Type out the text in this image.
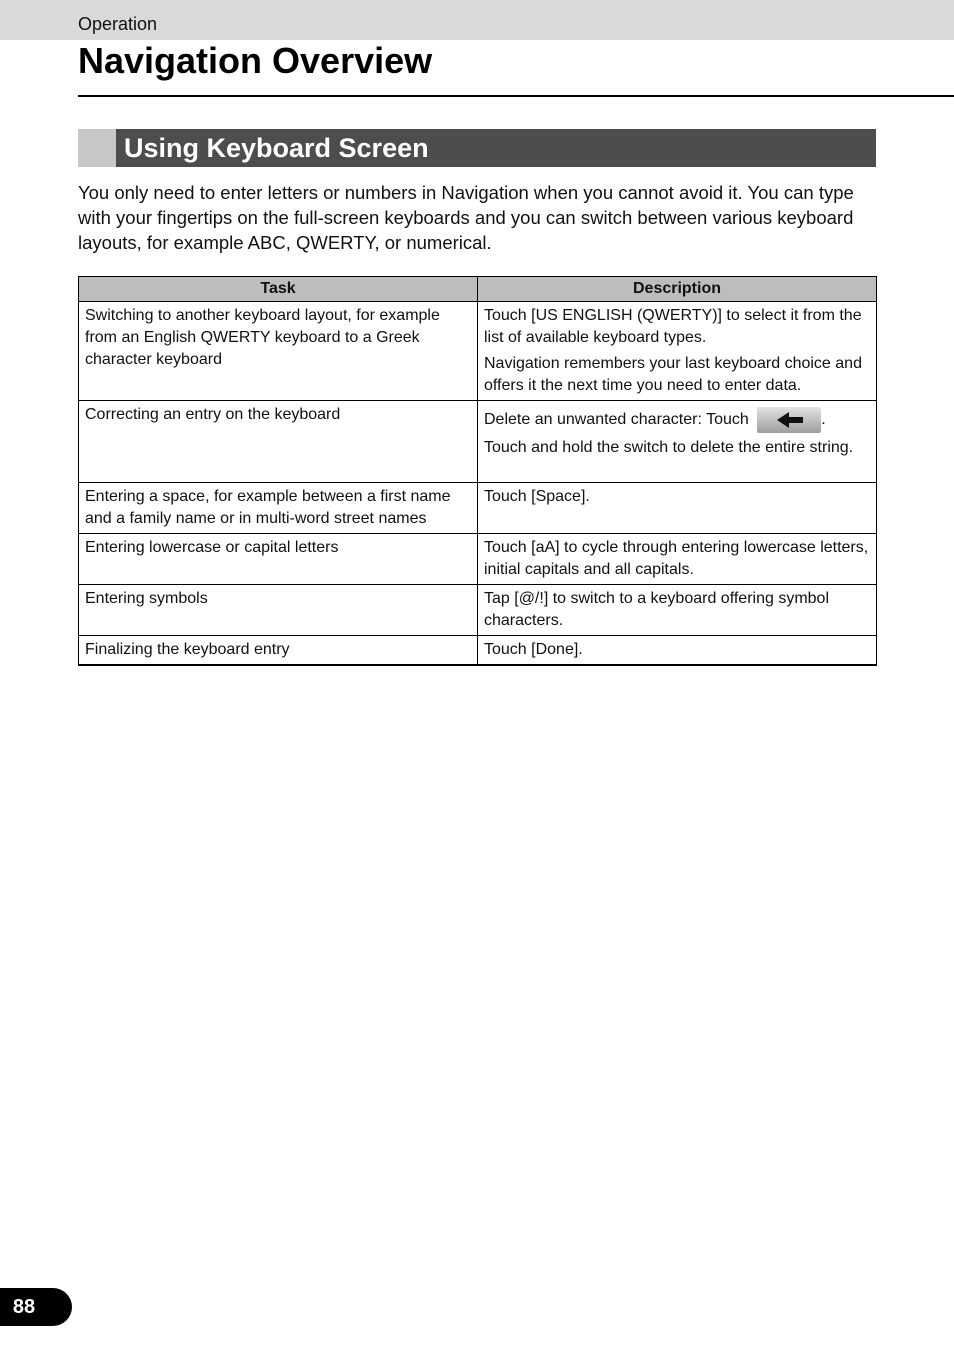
Operation
Navigation Overview
Using Keyboard Screen

You only need to enter letters or numbers in Navigation when you cannot avoid it. You can type with your fingertips on the full-screen keyboards and you can switch between various keyboard layouts, for example ABC, QWERTY, or numerical.

Task	Description
Switching to another keyboard layout, for example from an English QWERTY keyboard to a Greek character keyboard	Touch [US ENGLISH (QWERTY)] to select it from the list of available keyboard types.

Navigation remembers your last keyboard choice and offers it the next time you need to enter data.

Correcting an entry on the keyboard	Delete an unwanted character: Touch .

Touch and hold the switch to delete the entire string.

Entering a space, for example between a first name and a family name or in multi-word street names	Touch [Space].

Entering lowercase or capital letters	Touch [aA] to cycle through entering lowercase letters, initial capitals and all capitals.

Entering symbols	Tap [@/!] to switch to a keyboard offering symbol characters.

Finalizing the keyboard entry	Touch [Done].

88
